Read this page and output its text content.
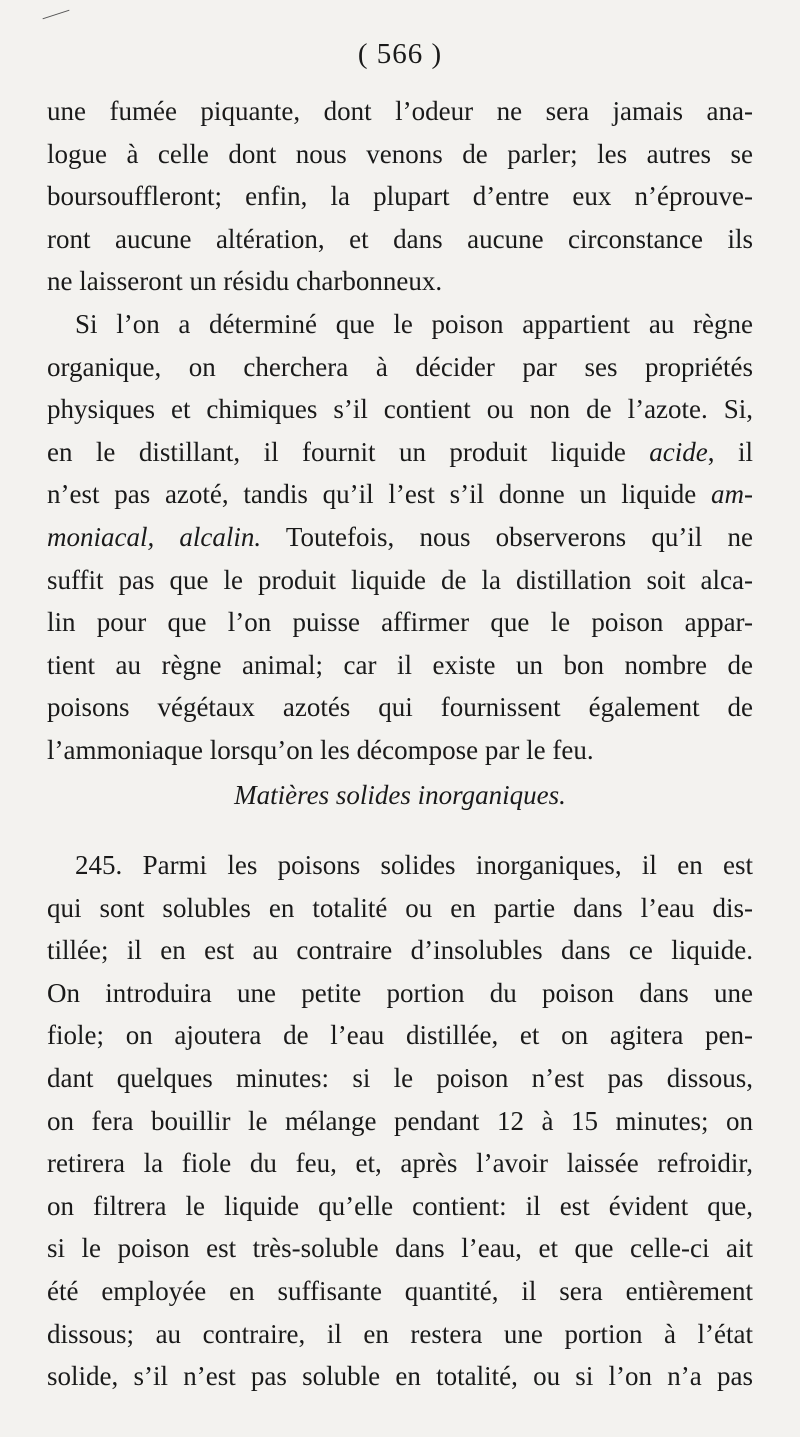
( 566 )
une fumée piquante, dont l’odeur ne sera jamais ana-
logue à celle dont nous venons de parler; les autres se
boursouffleront; enfin, la plupart d’entre eux n’éprouve-
ront aucune altération, et dans aucune circonstance ils
ne laisseront un résidu charbonneux.
Si l’on a déterminé que le poison appartient au règne
organique, on cherchera à décider par ses propriétés
physiques et chimiques s’il contient ou non de l’azote. Si,
en le distillant, il fournit un produit liquide acide, il
n’est pas azoté, tandis qu’il l’est s’il donne un liquide am-
moniacal, alcalin. Toutefois, nous observerons qu’il ne
suffit pas que le produit liquide de la distillation soit alca-
lin pour que l’on puisse affirmer que le poison appar-
tient au règne animal; car il existe un bon nombre de
poisons végétaux azotés qui fournissent également de
l’ammoniaque lorsqu’on les décompose par le feu.
Matières solides inorganiques.
245. Parmi les poisons solides inorganiques, il en est
qui sont solubles en totalité ou en partie dans l’eau dis-
tillée; il en est au contraire d’insolubles dans ce liquide.
On introduira une petite portion du poison dans une
fiole; on ajoutera de l’eau distillée, et on agitera pen-
dant quelques minutes: si le poison n’est pas dissous,
on fera bouillir le mélange pendant 12 à 15 minutes; on
retirera la fiole du feu, et, après l’avoir laissée refroidir,
on filtrera le liquide qu’elle contient: il est évident que,
si le poison est très-soluble dans l’eau, et que celle-ci ait
été employée en suffisante quantité, il sera entièrement
dissous; au contraire, il en restera une portion à l’état
solide, s’il n’est pas soluble en totalité, ou si l’on n’a pas
